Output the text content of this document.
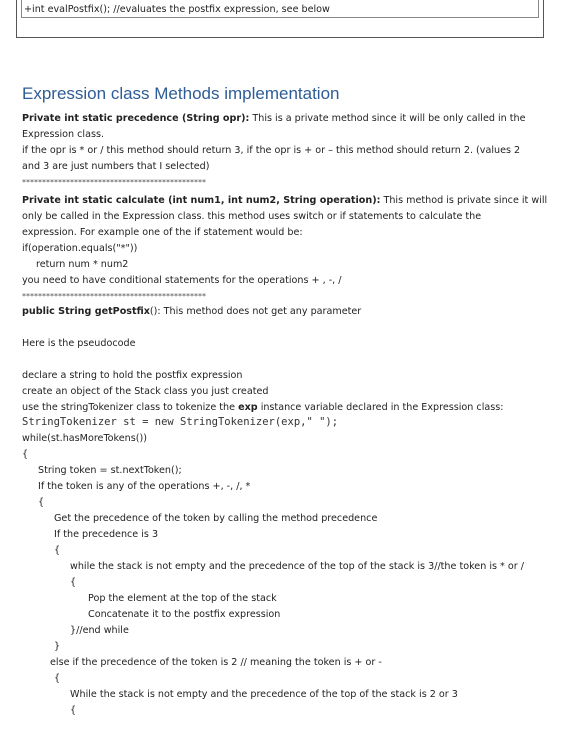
+int evalPostfix(); //evaluates the postfix expression, see below
Expression class Methods implementation
Private int static precedence (String opr): This is a private method since it will be only called in the
Expression class.
if the opr is * or / this method should return 3, if the opr is + or – this method should return 2. (values 2
and 3 are just numbers that I selected)
**********************************************
Private int static calculate (int num1, int num2, String operation): This method is private since it will
only be called in the Expression class. this method uses switch or if statements to calculate the
expression. For example one of the if statement would be:
if(operation.equals("*"))
return num * num2
you need to have conditional statements for the operations + , -, /
**********************************************
public String getPostfix(): This method does not get any parameter
Here is the pseudocode
declare a string to hold the postfix expression
create an object of the Stack class you just created
use the stringTokenizer class to tokenize the exp instance variable declared in the Expression class:
StringTokenizer st = new StringTokenizer(exp," ");
while(st.hasMoreTokens())
{
String token = st.nextToken();
If the token is any of the operations +, -, /, *
{
Get the precedence of the token by calling the method precedence
If the precedence is 3
{
while the stack is not empty and the precedence of the top of the stack is 3//the token is * or /
{
Pop the element at the top of the stack
Concatenate it to the postfix expression
}//end while
}
else if the precedence of the token is 2 // meaning the token is + or -
{
While the stack is not empty and the precedence of the top of the stack is 2 or 3
{
